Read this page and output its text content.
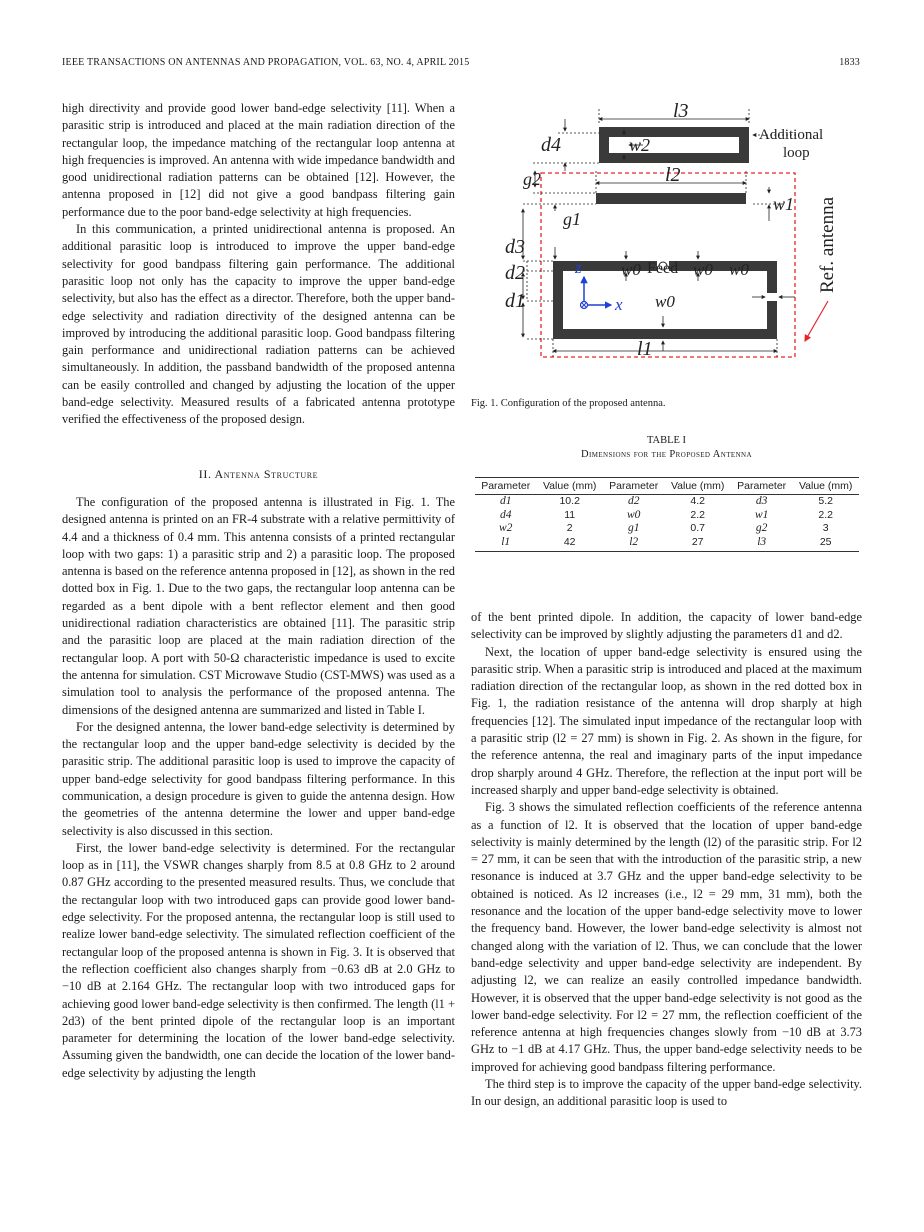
IEEE TRANSACTIONS ON ANTENNAS AND PROPAGATION, VOL. 63, NO. 4, APRIL 2015	1833

high directivity and provide good lower band-edge selectivity [11]. When a parasitic strip is introduced and placed at the main radiation direction of the rectangular loop, the impedance matching of the rectangular loop antenna at high frequencies is improved. An antenna with wide impedance bandwidth and good unidirectional radiation patterns can be obtained [12]. However, the antenna proposed in [12] did not give a good bandpass filtering gain performance due to the poor band-edge selectivity at high frequencies.

In this communication, a printed unidirectional antenna is proposed. An additional parasitic loop is introduced to improve the upper band-edge selectivity for good bandpass filtering gain performance. The additional parasitic loop not only has the capacity to improve the upper band-edge selectivity, but also has the effect as a director. Therefore, both the upper band-edge selectivity and radiation directivity of the designed antenna can be improved by introducing the additional parasitic loop. Good bandpass filtering gain performance and unidirectional radiation patterns can be achieved simultaneously. In addition, the passband bandwidth of the proposed antenna can be easily controlled and changed by adjusting the location of the upper band-edge selectivity. Measured results of a fabricated antenna prototype verified the effectiveness of the proposed design.

II. Antenna Structure

The configuration of the proposed antenna is illustrated in Fig. 1. The designed antenna is printed on an FR-4 substrate with a relative permittivity of 4.4 and a thickness of 0.4 mm. This antenna consists of a printed rectangular loop with two gaps: 1) a parasitic strip and 2) a parasitic loop. The proposed antenna is based on the reference antenna proposed in [12], as shown in the red dotted box in Fig. 1. Due to the two gaps, the rectangular loop antenna can be regarded as a bent dipole with a bent reflector element and then good unidirectional radiation characteristics are obtained [11]. The parasitic strip and the parasitic loop are placed at the main radiation direction of the rectangular loop. A port with 50-Ω characteristic impedance is used to excite the antenna for simulation. CST Microwave Studio (CST-MWS) was used as a simulation tool to analysis the performance of the proposed antenna. The dimensions of the designed antenna are summarized and listed in Table I.

For the designed antenna, the lower band-edge selectivity is determined by the rectangular loop and the upper band-edge selectivity is decided by the parasitic strip. The additional parasitic loop is used to improve the capacity of upper band-edge selectivity for good bandpass filtering performance. In this communication, a design procedure is given to guide the antenna design. How the geometries of the antenna determine the lower and upper band-edge selectivity is also discussed in this section.

First, the lower band-edge selectivity is determined. For the rectangular loop as in [11], the VSWR changes sharply from 8.5 at 0.8 GHz to 2 around 0.87 GHz according to the presented measured results. Thus, we conclude that the rectangular loop with two introduced gaps can provide good lower band-edge selectivity. For the proposed antenna, the rectangular loop is still used to realize lower band-edge selectivity. The simulated reflection coefficient of the rectangular loop of the proposed antenna is shown in Fig. 3. It is observed that the reflection coefficient also changes sharply from −0.63 dB at 2.0 GHz to −10 dB at 2.164 GHz. The rectangular loop with two introduced gaps for achieving good lower band-edge selectivity is then confirmed. The length (l1 + 2d3) of the bent printed dipole of the rectangular loop is an important parameter for determining the location of the lower band-edge selectivity. Assuming given the bandwidth, one can decide the location of the lower band-edge selectivity by adjusting the length

l3
d4	w2
g2	l2
w1
g1
d3
d2
d1
w0	w0 w0
w0
l1
Additional
loop
Feed	Ref. antenna
z
x
Fig. 1. Configuration of the proposed antenna.
TABLE I
Dimensions for the Proposed Antenna
Parameter	Value (mm)	Parameter	Value (mm)	Parameter	Value (mm)
d1	10.2	d2	4.2	d3	5.2
d4	11	w0	2.2	w1	2.2
w2	2	g1	0.7	g2	3
l1	42	l2	27	l3	25

of the bent printed dipole. In addition, the capacity of lower band-edge selectivity can be improved by slightly adjusting the parameters d1 and d2.

Next, the location of upper band-edge selectivity is ensured using the parasitic strip. When a parasitic strip is introduced and placed at the maximum radiation direction of the rectangular loop, as shown in the red dotted box in Fig. 1, the radiation resistance of the antenna will drop sharply at high frequencies [12]. The simulated input impedance of the rectangular loop with a parasitic strip (l2 = 27 mm) is shown in Fig. 2. As shown in the figure, for the reference antenna, the real and imaginary parts of the input impedance drop sharply around 4 GHz. Therefore, the reflection at the input port will be increased sharply and upper band-edge selectivity is obtained.

Fig. 3 shows the simulated reflection coefficients of the reference antenna as a function of l2. It is observed that the location of upper band-edge selectivity is mainly determined by the length (l2) of the parasitic strip. For l2 = 27 mm, it can be seen that with the introduction of the parasitic strip, a new resonance is induced at 3.7 GHz and the upper band-edge selectivity to be obtained is noticed. As l2 increases (i.e., l2 = 29 mm, 31 mm), both the resonance and the location of the upper band-edge selectivity move to lower the frequency band. However, the lower band-edge selectivity is almost not changed along with the variation of l2. Thus, we can conclude that the lower band-edge selectivity and upper band-edge selectivity are independent. By adjusting l2, we can realize an easily controlled impedance bandwidth. However, it is observed that the upper band-edge selectivity is not good as the lower band-edge selectivity. For l2 = 27 mm, the reflection coefficient of the reference antenna at high frequencies changes slowly from −10 dB at 3.73 GHz to −1 dB at 4.17 GHz. Thus, the upper band-edge selectivity needs to be improved for achieving good bandpass filtering performance.

The third step is to improve the capacity of the upper band-edge selectivity. In our design, an additional parasitic loop is used to
